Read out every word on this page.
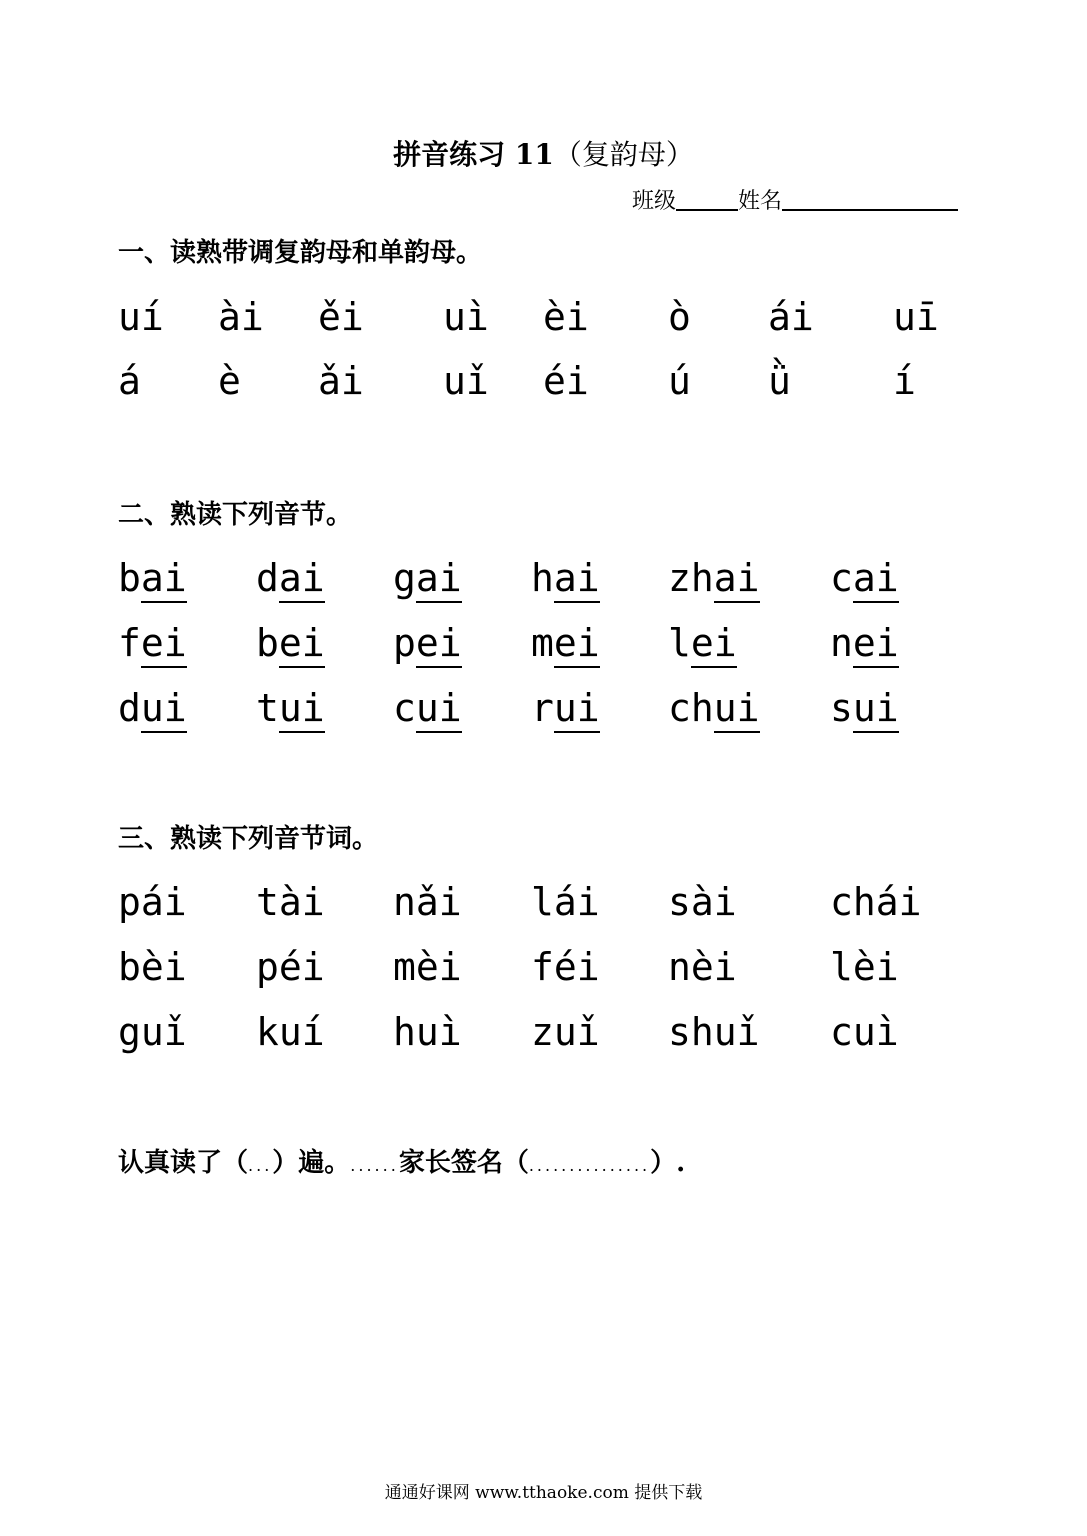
拼音练习 11（复韵母）
班级	姓名
一、读熟带调复韵母和单韵母。
uí ài ěi uì èi ò ái uī
á è ǎi uǐ éi ú ǜ	í
二、熟读下列音节。
bai dai gai hai zhai cai
fei bei pei mei lei nei
dui tui cui rui chui sui
三、熟读下列音节词。
pái tài nǎi lái sài chái
bèi péi mèi féi nèi lèi
guǐ kuí huì zuǐ shuǐ cuì
认真读了（...）遍。......家长签名（...............）.
通通好课网 www.tthaoke.com 提供下载
